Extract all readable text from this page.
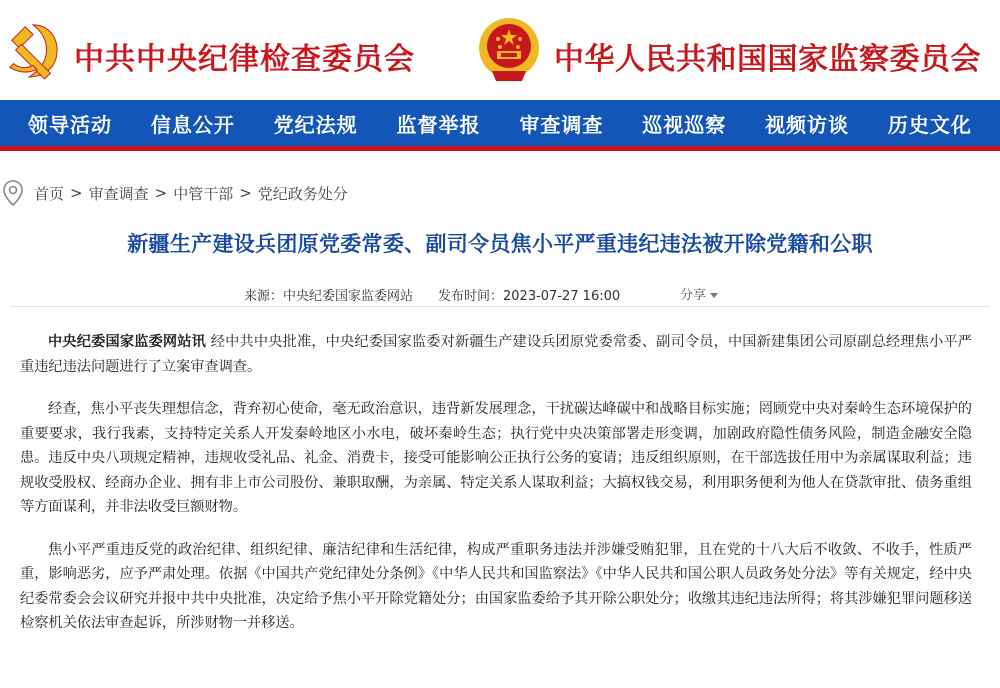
中共中央纪律检查委员会	中华人民共和国国家监察委员会
领导活动 信息公开 党纪法规 监督举报 审查调查 巡视巡察 视频访谈 历史文化
首页 > 审查调查 > 中管干部 > 党纪政务处分
新疆生产建设兵团原党委常委、副司令员焦小平严重违纪违法被开除党籍和公职
来源：中央纪委国家监委网站 发布时间：2023-07-27 16:00	分享

中央纪委国家监委网站讯 经中共中央批准，中央纪委国家监委对新疆生产建设兵团原党委常委、副司令员，中国新建集团公司原副总经理焦小平严重违纪违法问题进行了立案审查调查。

经查，焦小平丧失理想信念，背弃初心使命，毫无政治意识，违背新发展理念，干扰碳达峰碳中和战略目标实施；罔顾党中央对秦岭生态环境保护的重要要求，我行我素，支持特定关系人开发秦岭地区小水电，破坏秦岭生态；执行党中央决策部署走形变调，加剧政府隐性债务风险，制造金融安全隐患。违反中央八项规定精神，违规收受礼品、礼金、消费卡，接受可能影响公正执行公务的宴请；违反组织原则，在干部选拔任用中为亲属谋取利益；违规收受股权、经商办企业、拥有非上市公司股份、兼职取酬，为亲属、特定关系人谋取利益；大搞权钱交易，利用职务便利为他人在贷款审批、债务重组等方面谋利，并非法收受巨额财物。

焦小平严重违反党的政治纪律、组织纪律、廉洁纪律和生活纪律，构成严重职务违法并涉嫌受贿犯罪，且在党的十八大后不收敛、不收手，性质严重，影响恶劣，应予严肃处理。依据《中国共产党纪律处分条例》《中华人民共和国监察法》《中华人民共和国公职人员政务处分法》等有关规定，经中央纪委常委会会议研究并报中共中央批准，决定给予焦小平开除党籍处分；由国家监委给予其开除公职处分；收缴其违纪违法所得；将其涉嫌犯罪问题移送检察机关依法审查起诉，所涉财物一并移送。
